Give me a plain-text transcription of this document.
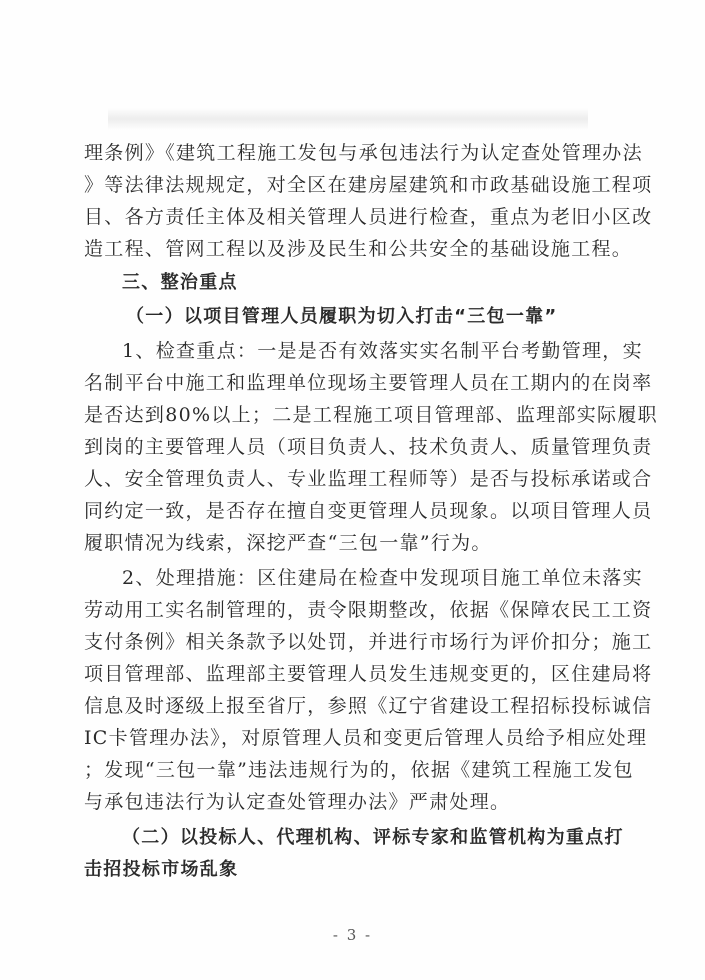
理条例》《建筑工程施工发包与承包违法行为认定查处管理办法
》等法律法规规定，对全区在建房屋建筑和市政基础设施工程项
目、各方责任主体及相关管理人员进行检查，重点为老旧小区改
造工程、管网工程以及涉及民生和公共安全的基础设施工程。
三、整治重点
（一）以项目管理人员履职为切入打击“三包一靠”
1、检查重点：一是是否有效落实实名制平台考勤管理，实
名制平台中施工和监理单位现场主要管理人员在工期内的在岗率
是否达到80%以上；二是工程施工项目管理部、监理部实际履职
到岗的主要管理人员（项目负责人、技术负责人、质量管理负责
人、安全管理负责人、专业监理工程师等）是否与投标承诺或合
同约定一致，是否存在擅自变更管理人员现象。以项目管理人员
履职情况为线索，深挖严查“三包一靠”行为。
2、处理措施：区住建局在检查中发现项目施工单位未落实
劳动用工实名制管理的，责令限期整改，依据《保障农民工工资
支付条例》相关条款予以处罚，并进行市场行为评价扣分；施工
项目管理部、监理部主要管理人员发生违规变更的，区住建局将
信息及时逐级上报至省厅，参照《辽宁省建设工程招标投标诚信
IC卡管理办法》，对原管理人员和变更后管理人员给予相应处理
；发现“三包一靠”违法违规行为的，依据《建筑工程施工发包
与承包违法行为认定查处管理办法》严肃处理。
（二）以投标人、代理机构、评标专家和监管机构为重点打
击招投标市场乱象
- 3 -
